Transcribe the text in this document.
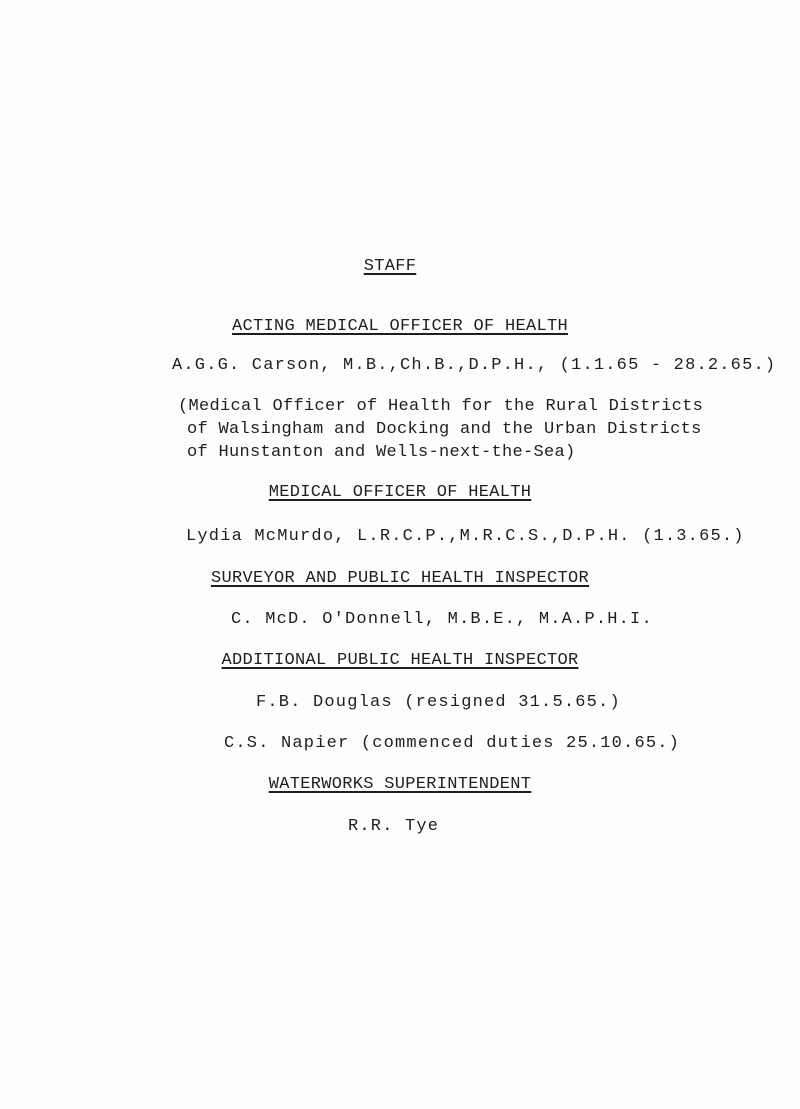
STAFF
ACTING MEDICAL OFFICER OF HEALTH
A.G.G. Carson, M.B.,Ch.B.,D.P.H., (1.1.65 - 28.2.65.)
(Medical Officer of Health for the Rural Districts
of Walsingham and Docking and the Urban Districts
of Hunstanton and Wells-next-the-Sea)
MEDICAL OFFICER OF HEALTH
Lydia McMurdo, L.R.C.P.,M.R.C.S.,D.P.H. (1.3.65.)
SURVEYOR AND PUBLIC HEALTH INSPECTOR
C. McD. O'Donnell, M.B.E., M.A.P.H.I.
ADDITIONAL PUBLIC HEALTH INSPECTOR
F.B. Douglas (resigned 31.5.65.)
C.S. Napier (commenced duties 25.10.65.)
WATERWORKS SUPERINTENDENT
R.R. Tye
